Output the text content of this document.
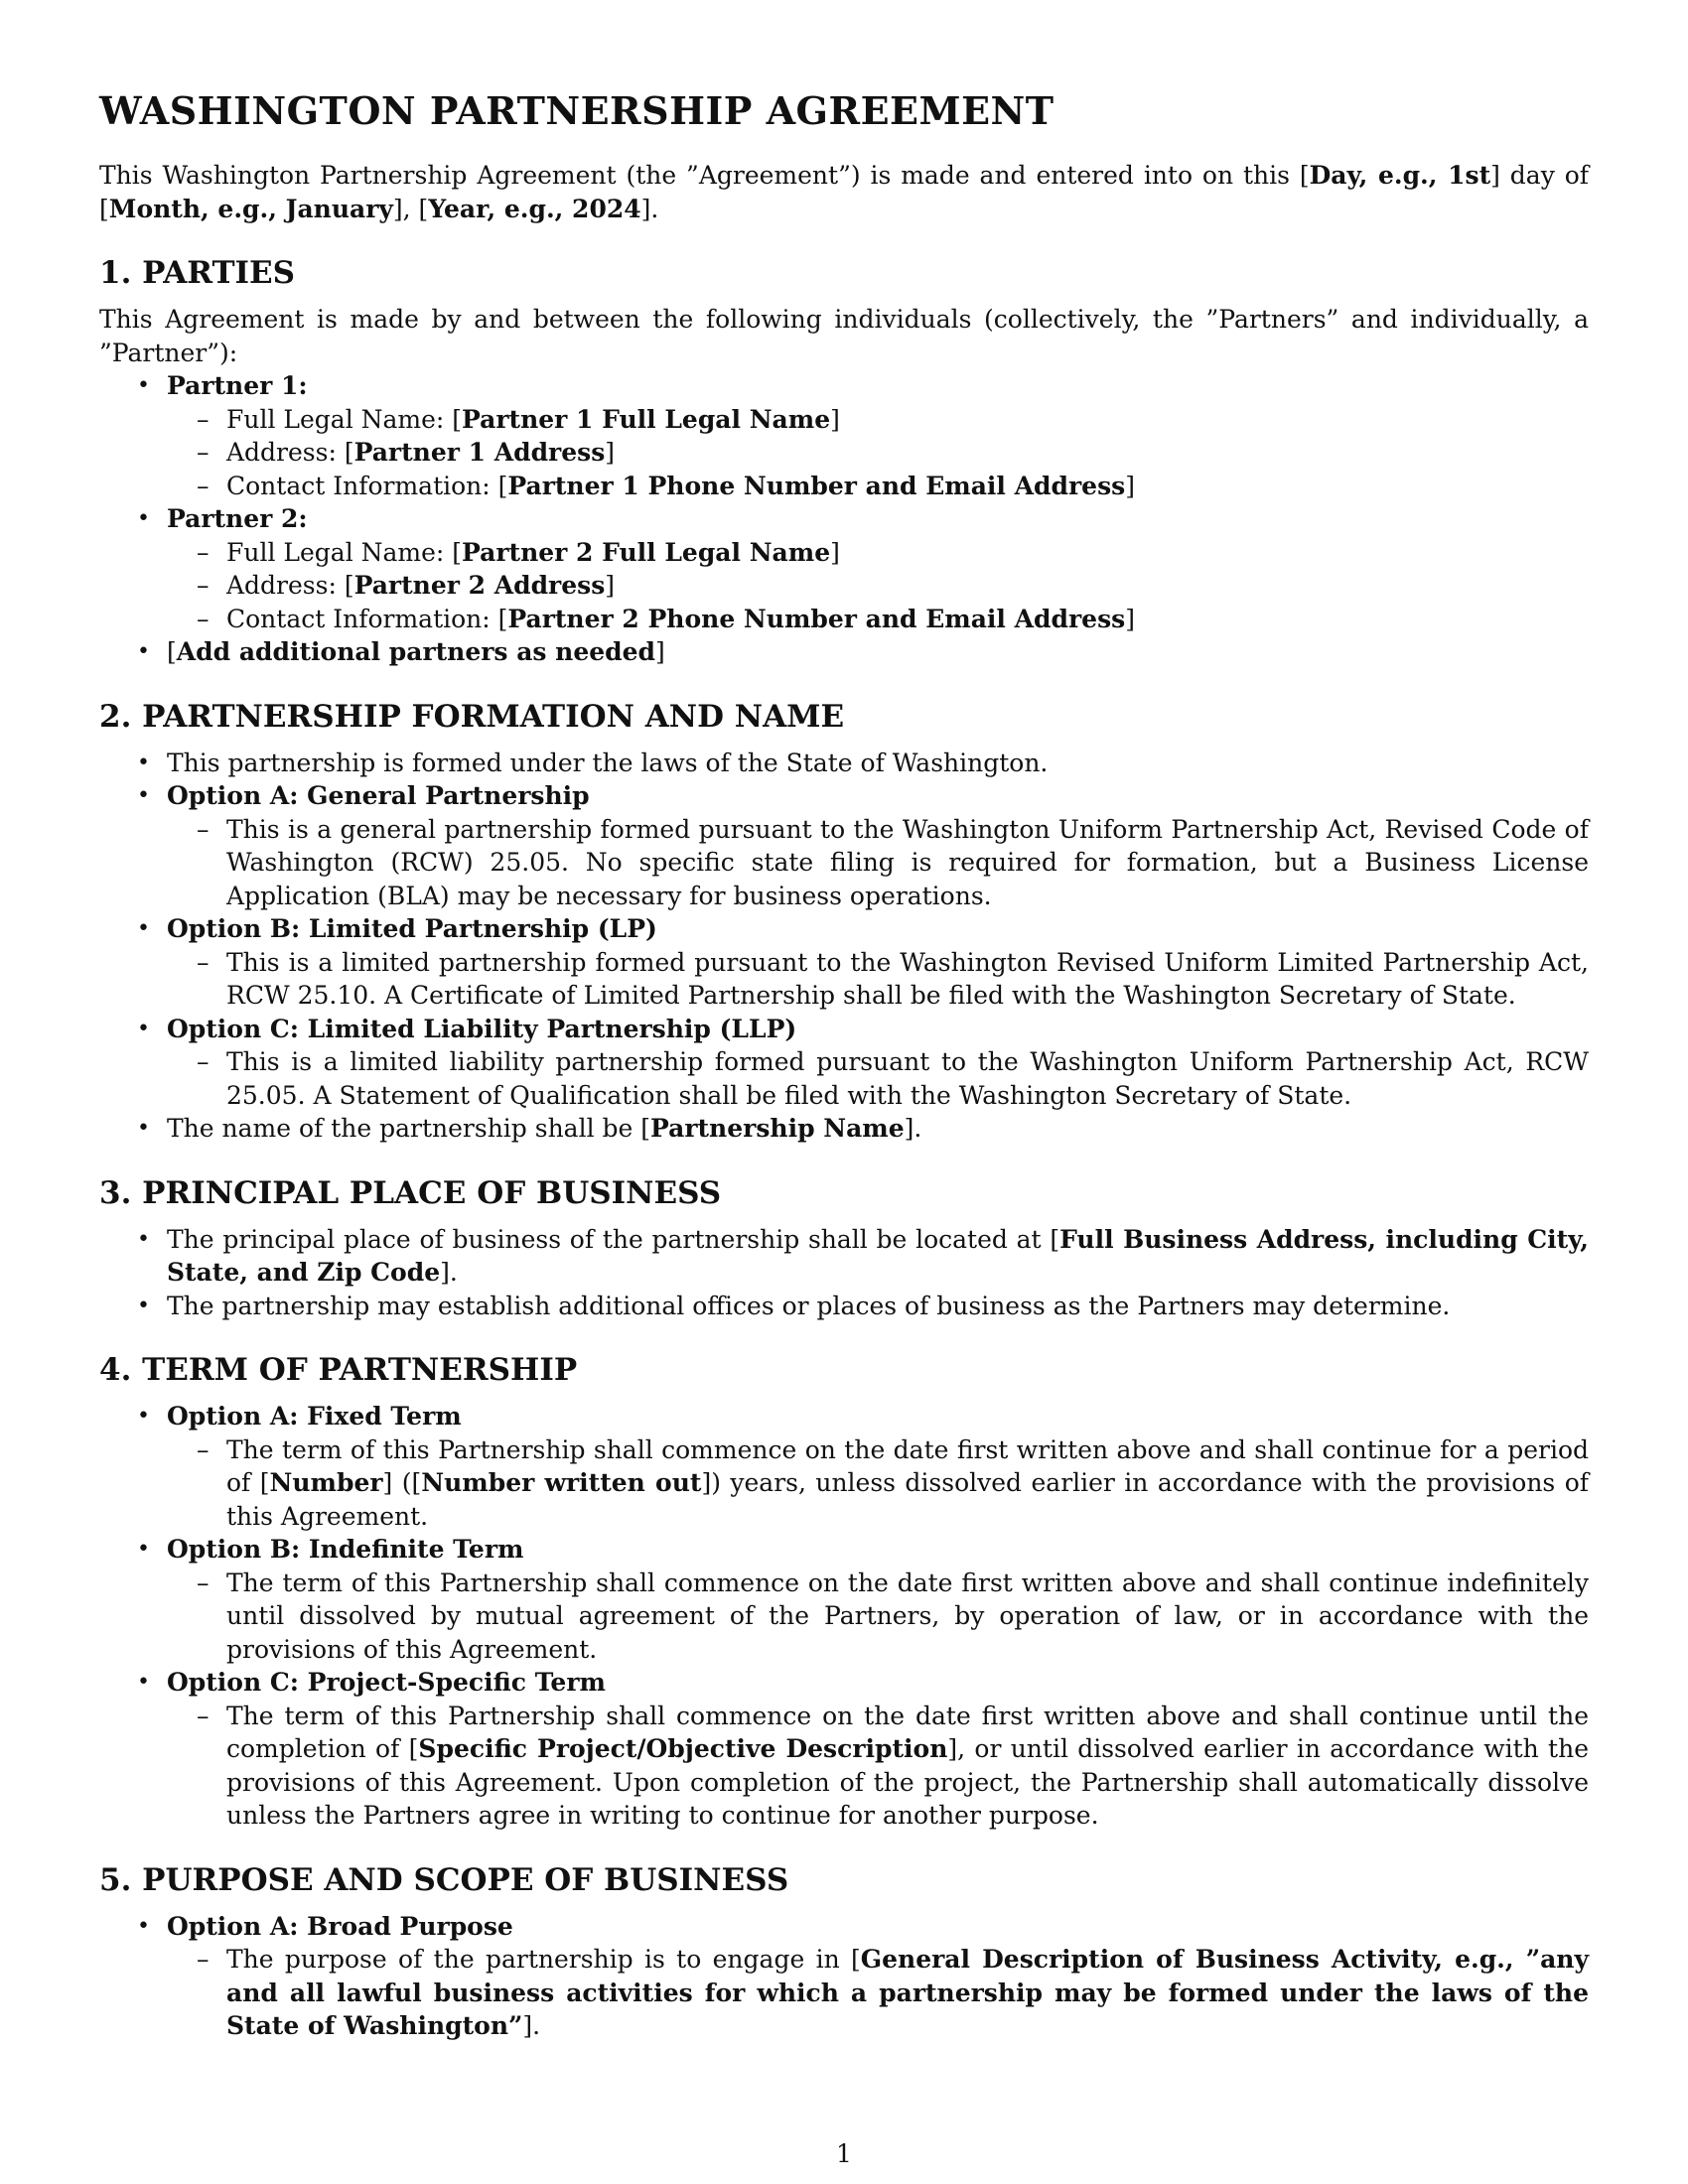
WASHINGTON PARTNERSHIP AGREEMENT

This Washington Partnership Agreement (the ”Agreement”) is made and entered into on this [Day, e.g., 1st] day of [Month, e.g., January], [Year, e.g., 2024].

1. PARTIES

This Agreement is made by and between the following individuals (collectively, the ”Partners” and individually, a ”Partner”):

• Partner 1:
– Full Legal Name: [Partner 1 Full Legal Name]
– Address: [Partner 1 Address]
– Contact Information: [Partner 1 Phone Number and Email Address]
• Partner 2:
– Full Legal Name: [Partner 2 Full Legal Name]
– Address: [Partner 2 Address]
– Contact Information: [Partner 2 Phone Number and Email Address]
• [Add additional partners as needed]
2. PARTNERSHIP FORMATION AND NAME
• This partnership is formed under the laws of the State of Washington.
• Option A: General Partnership
– This is a general partnership formed pursuant to the Washington Uniform Partnership Act, Revised Code of Washington (RCW) 25.05. No specific state filing is required for formation, but a Business License Application (BLA) may be necessary for business operations.
• Option B: Limited Partnership (LP)
– This is a limited partnership formed pursuant to the Washington Revised Uniform Limited Partnership Act, RCW 25.10. A Certificate of Limited Partnership shall be filed with the Washington Secretary of State.
• Option C: Limited Liability Partnership (LLP)
– This is a limited liability partnership formed pursuant to the Washington Uniform Partnership Act, RCW 25.05. A Statement of Qualification shall be filed with the Washington Secretary of State.
• The name of the partnership shall be [Partnership Name].
3. PRINCIPAL PLACE OF BUSINESS
• The principal place of business of the partnership shall be located at [Full Business Address, including City, State, and Zip Code].
• The partnership may establish additional offices or places of business as the Partners may determine.
4. TERM OF PARTNERSHIP
• Option A: Fixed Term
– The term of this Partnership shall commence on the date first written above and shall continue for a period of [Number] ([Number written out]) years, unless dissolved earlier in accordance with the provisions of this Agreement.
• Option B: Indefinite Term
– The term of this Partnership shall commence on the date first written above and shall continue indefinitely until dissolved by mutual agreement of the Partners, by operation of law, or in accordance with the provisions of this Agreement.
• Option C: Project-Specific Term
– The term of this Partnership shall commence on the date first written above and shall continue until the completion of [Specific Project/Objective Description], or until dissolved earlier in accordance with the provisions of this Agreement. Upon completion of the project, the Partnership shall automatically dissolve unless the Partners agree in writing to continue for another purpose.
5. PURPOSE AND SCOPE OF BUSINESS
• Option A: Broad Purpose
– The purpose of the partnership is to engage in [General Description of Business Activity, e.g., ”any and all lawful business activities for which a partnership may be formed under the laws of the State of Washington”].
1
